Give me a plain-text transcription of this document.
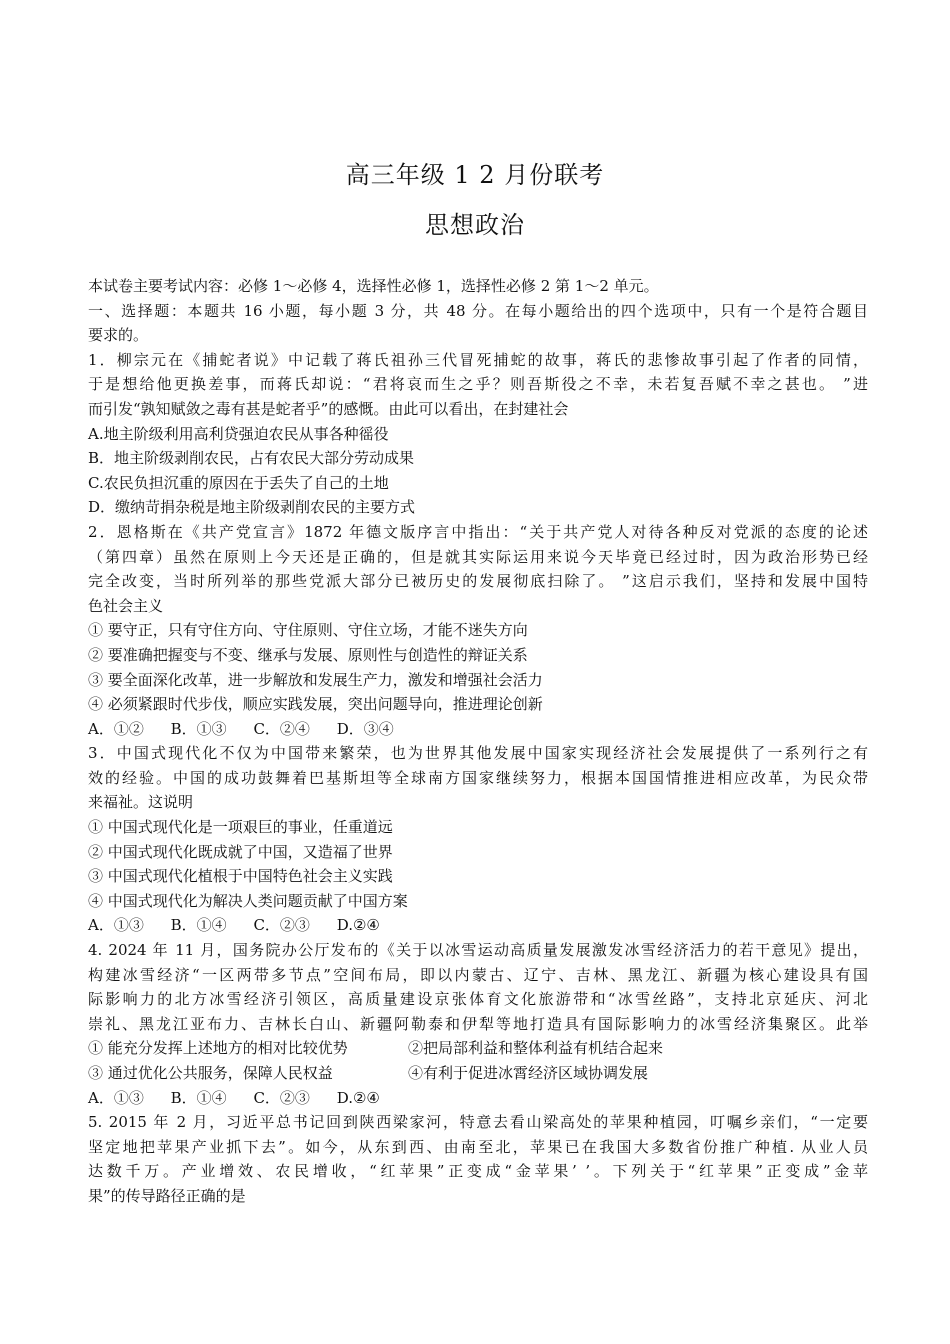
高三年级 1 2 月份联考
思想政治
本试卷主要考试内容：必修 1～必修 4，选择性必修 1，选择性必修 2 第 1～2 单元。
一、选择题：本题共 16 小题，每小题 3 分，共 48 分。在每小题给出的四个选项中，只有一个是符合题目
要求的。
1．柳宗元在《捕蛇者说》中记载了蒋氏祖孙三代冒死捕蛇的故事，蒋氏的悲惨故事引起了作者的同情，
于是想给他更换差事，而蒋氏却说：“君将哀而生之乎？则吾斯役之不幸，未若复吾赋不幸之甚也。 ”进
而引发“孰知赋敛之毒有甚是蛇者乎”的感慨。由此可以看出，在封建社会
A.地主阶级利用高利贷强迫农民从事各种徭役
B．地主阶级剥削农民，占有农民大部分劳动成果
C.农民负担沉重的原因在于丢失了自己的土地
D．缴纳苛捐杂税是地主阶级剥削农民的主要方式
2．恩格斯在《共产党宣言》1872 年德文版序言中指出：“关于共产党人对待各种反对党派的态度的论述
（第四章）虽然在原则上今天还是正确的，但是就其实际运用来说今天毕竟已经过时，因为政治形势已经
完全改变，当时所列举的那些党派大部分已被历史的发展彻底扫除了。 ”这启示我们，坚持和发展中国特
色社会主义
① 要守正，只有守住方向、守住原则、守住立场，才能不迷失方向
② 要准确把握变与不变、继承与发展、原则性与创造性的辩证关系
③ 要全面深化改革，进一步解放和发展生产力，激发和增强社会活力
④ 必须紧跟时代步伐，顺应实践发展，突出问题导向，推进理论创新
A．①② B．①③ C．②④ D．③④
3．中国式现代化不仅为中国带来繁荣，也为世界其他发展中国家实现经济社会发展提供了一系列行之有
效的经验。中国的成功鼓舞着巴基斯坦等全球南方国家继续努力，根据本国国情推进相应改革，为民众带
来福祉。这说明
① 中国式现代化是一项艰巨的事业，任重道远
② 中国式现代化既成就了中国，又造福了世界
③ 中国式现代化植根于中国特色社会主义实践
④ 中国式现代化为解决人类问题贡献了中国方案
A．①③ B．①④ C．②③ D.②④
4. 2024 年 11 月，国务院办公厅发布的《关于以冰雪运动高质量发展激发冰雪经济活力的若干意见》提出，
构建冰雪经济“一区两带多节点”空间布局，即以内蒙古、辽宁、吉林、黑龙江、新疆为核心建设具有国
际影响力的北方冰雪经济引领区，高质量建设京张体育文化旅游带和“冰雪丝路”，支持北京延庆、河北
崇礼、黑龙江亚布力、吉林长白山、新疆阿勒泰和伊犁等地打造具有国际影响力的冰雪经济集聚区。此举
① 能充分发挥上述地方的相对比较优势	②把局部利益和整体利益有机结合起来
③ 通过优化公共服务，保障人民权益	④有利于促进冰霄经济区域协调发展
A．①③ B．①④ C．②③ D.②④
5. 2015 年 2 月，习近平总书记回到陕西梁家河，特意去看山梁高处的苹果种植园，叮嘱乡亲们，“一定要
坚定地把苹果产业抓下去”。如今，从东到西、由南至北，苹果已在我国大多数省份推广种植. 从业人员
达数千万。产业增效、农民增收，“红苹果”正变成“金苹果’ ’。下列关于“红苹果”正变成”金苹
果”的传导路径正确的是
